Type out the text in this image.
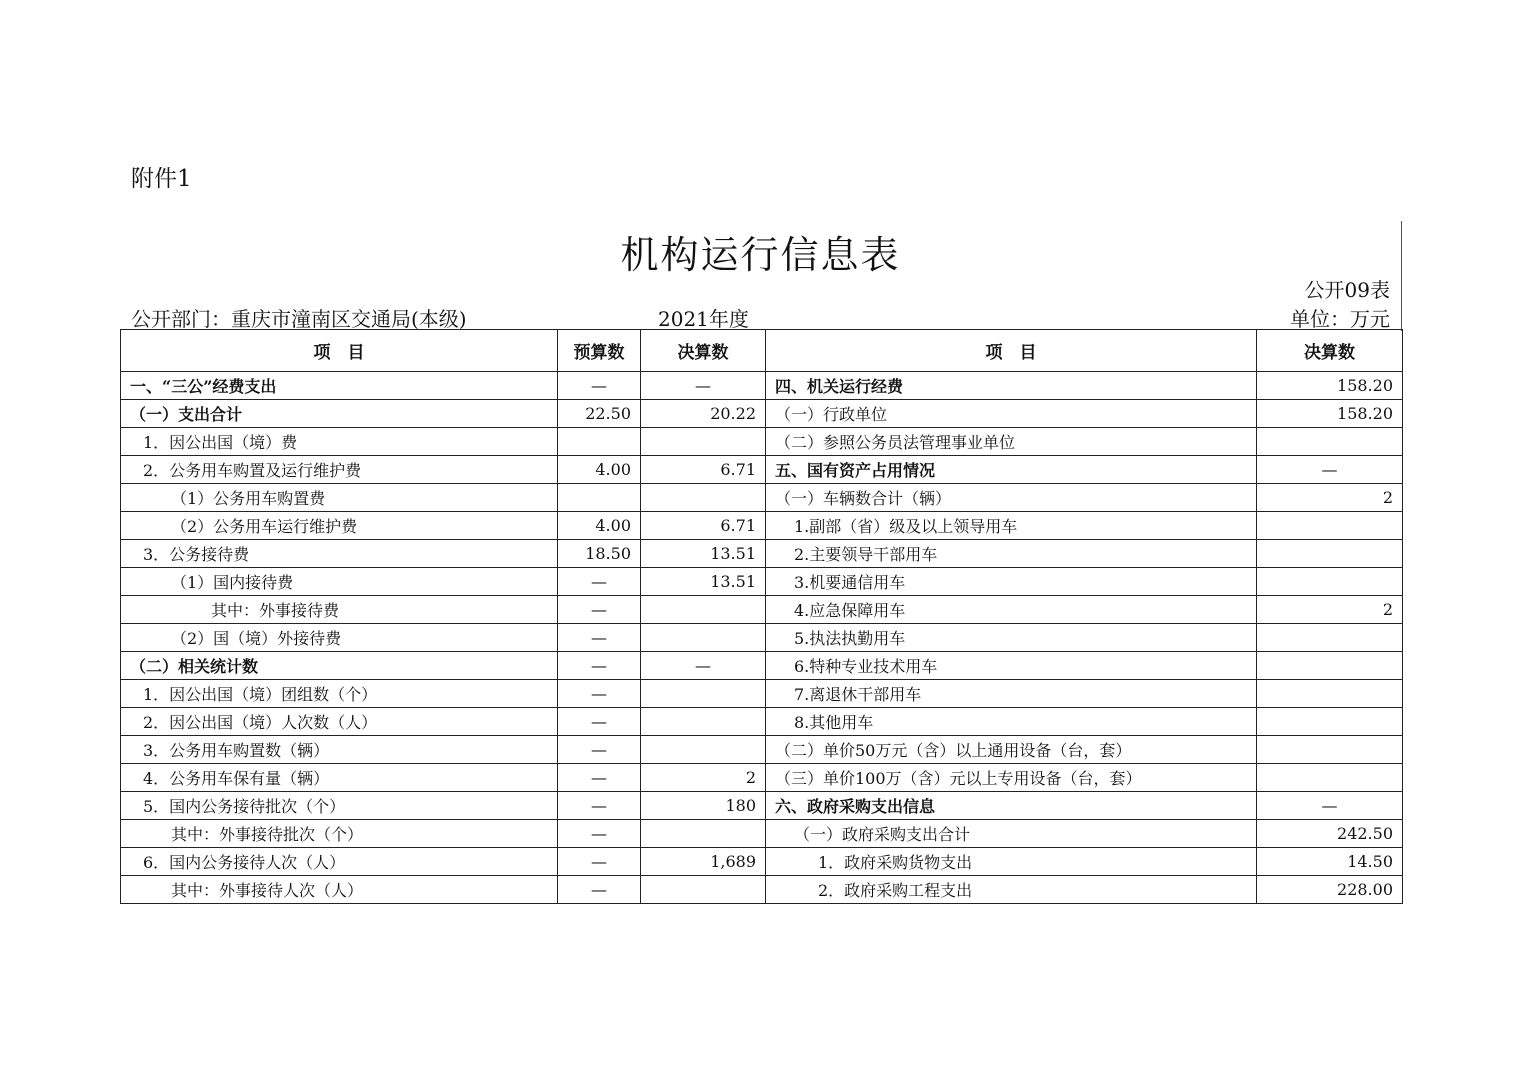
附件1
机构运行信息表
公开09表
公开部门：重庆市潼南区交通局(本级)	2021年度	单位：万元
项　目	预算数	决算数	项　目	决算数
一、“三公”经费支出	—	—	四、机关运行经费	158.20
（一）支出合计	22.50	20.22	（一）行政单位	158.20
1．因公出国（境）费			（二）参照公务员法管理事业单位	
2．公务用车购置及运行维护费	4.00	6.71	五、国有资产占用情况	—
（1）公务用车购置费			（一）车辆数合计（辆）	2
（2）公务用车运行维护费	4.00	6.71	1.副部（省）级及以上领导用车	
3．公务接待费	18.50	13.51	2.主要领导干部用车	
（1）国内接待费	—	13.51	3.机要通信用车	
其中：外事接待费	—		4.应急保障用车	2
（2）国（境）外接待费	—		5.执法执勤用车	
（二）相关统计数	—	—	6.特种专业技术用车	
1．因公出国（境）团组数（个）	—		7.离退休干部用车	
2．因公出国（境）人次数（人）	—		8.其他用车	
3．公务用车购置数（辆）	—		（二）单价50万元（含）以上通用设备（台，套）	
4．公务用车保有量（辆）	—	2	（三）单价100万（含）元以上专用设备（台，套）	
5．国内公务接待批次（个）	—	180	六、政府采购支出信息	—
其中：外事接待批次（个）	—		（一）政府采购支出合计	242.50
6．国内公务接待人次（人）	—	1,689	1．政府采购货物支出	14.50
其中：外事接待人次（人）	—		2．政府采购工程支出	228.00
